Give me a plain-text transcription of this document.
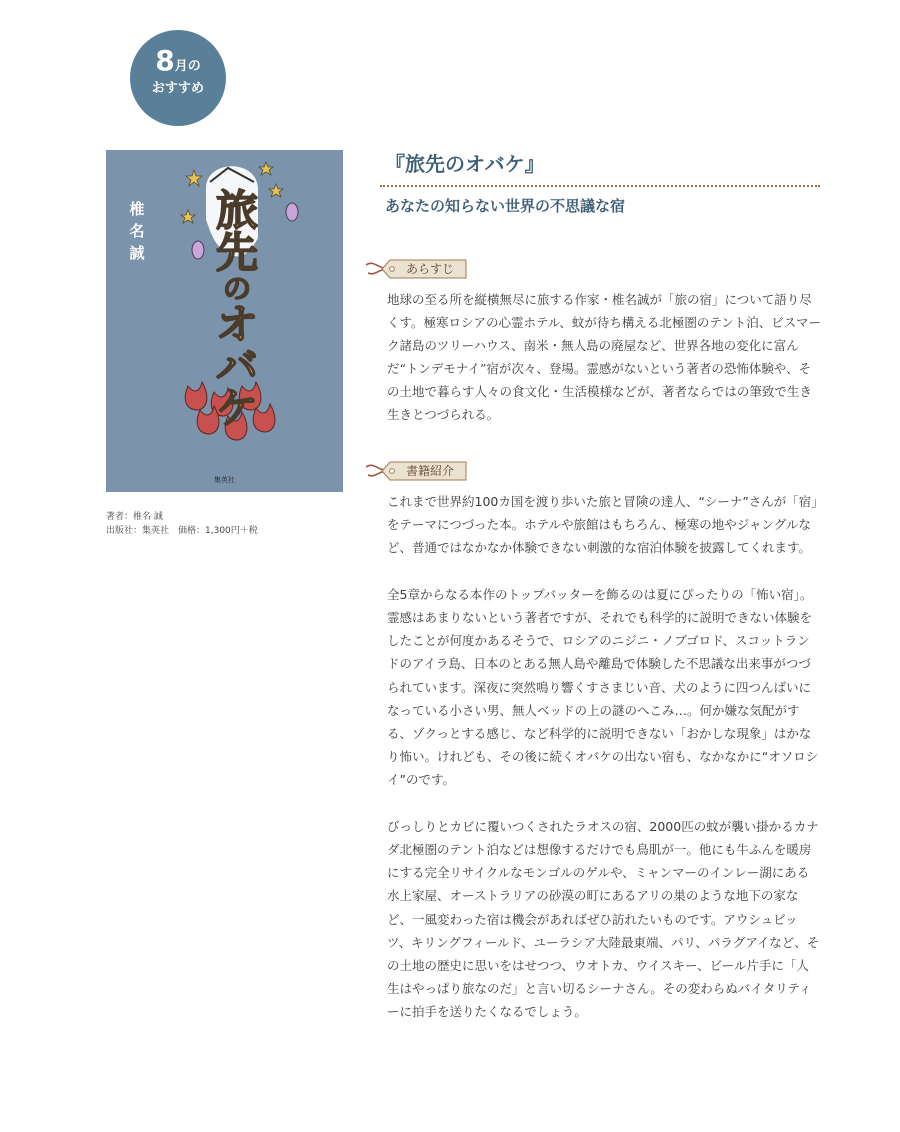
8月の
おすすめ
椎名誠
旅
先
の
オ
バ
ケ
集英社
著者：椎名 誠
出版社：集英社　価格：1,300円＋税
『旅先のオバケ』
あなたの知らない世界の不思議な宿
あらすじ

地球の至る所を縦横無尽に旅する作家・椎名誠が「旅の宿」について語り尽くす。極寒ロシアの心霊ホテル、蚊が待ち構える北極圏のテント泊、ビスマーク諸島のツリーハウス、南米・無人島の廃屋など、世界各地の変化に富んだ“トンデモナイ”宿が次々、登場。霊感がないという著者の恐怖体験や、その土地で暮らす人々の食文化・生活模様などが、著者ならではの筆致で生き生きとつづられる。

書籍紹介

これまで世界約100カ国を渡り歩いた旅と冒険の達人、“シーナ”さんが「宿」をテーマにつづった本。ホテルや旅館はもちろん、極寒の地やジャングルなど、普通ではなかなか体験できない刺激的な宿泊体験を披露してくれます。

全5章からなる本作のトップバッターを飾るのは夏にぴったりの「怖い宿」。霊感はあまりないという著者ですが、それでも科学的に説明できない体験をしたことが何度かあるそうで、ロシアのニジニ・ノブゴロド、スコットランドのアイラ島、日本のとある無人島や離島で体験した不思議な出来事がつづられています。深夜に突然鳴り響くすさまじい音、犬のように四つんばいになっている小さい男、無人ベッドの上の謎のへこみ…。何か嫌な気配がする、ゾクっとする感じ、など科学的に説明できない「おかしな現象」はかなり怖い。けれども、その後に続くオバケの出ない宿も、なかなかに“オソロシイ”のです。

びっしりとカビに覆いつくされたラオスの宿、2000匹の蚊が襲い掛かるカナダ北極圏のテント泊などは想像するだけでも鳥肌が一。他にも牛ふんを暖房にする完全リサイクルなモンゴルのゲルや、ミャンマーのインレー湖にある水上家屋、オーストラリアの砂漠の町にあるアリの巣のような地下の家など、一風変わった宿は機会があればぜひ訪れたいものです。アウシュビッツ、キリングフィールド、ユーラシア大陸最東端、パリ、パラグアイなど、その土地の歴史に思いをはせつつ、ウオトカ、ウイスキー、ビール片手に「人生はやっぱり旅なのだ」と言い切るシーナさん。その変わらぬバイタリティーに拍手を送りたくなるでしょう。
